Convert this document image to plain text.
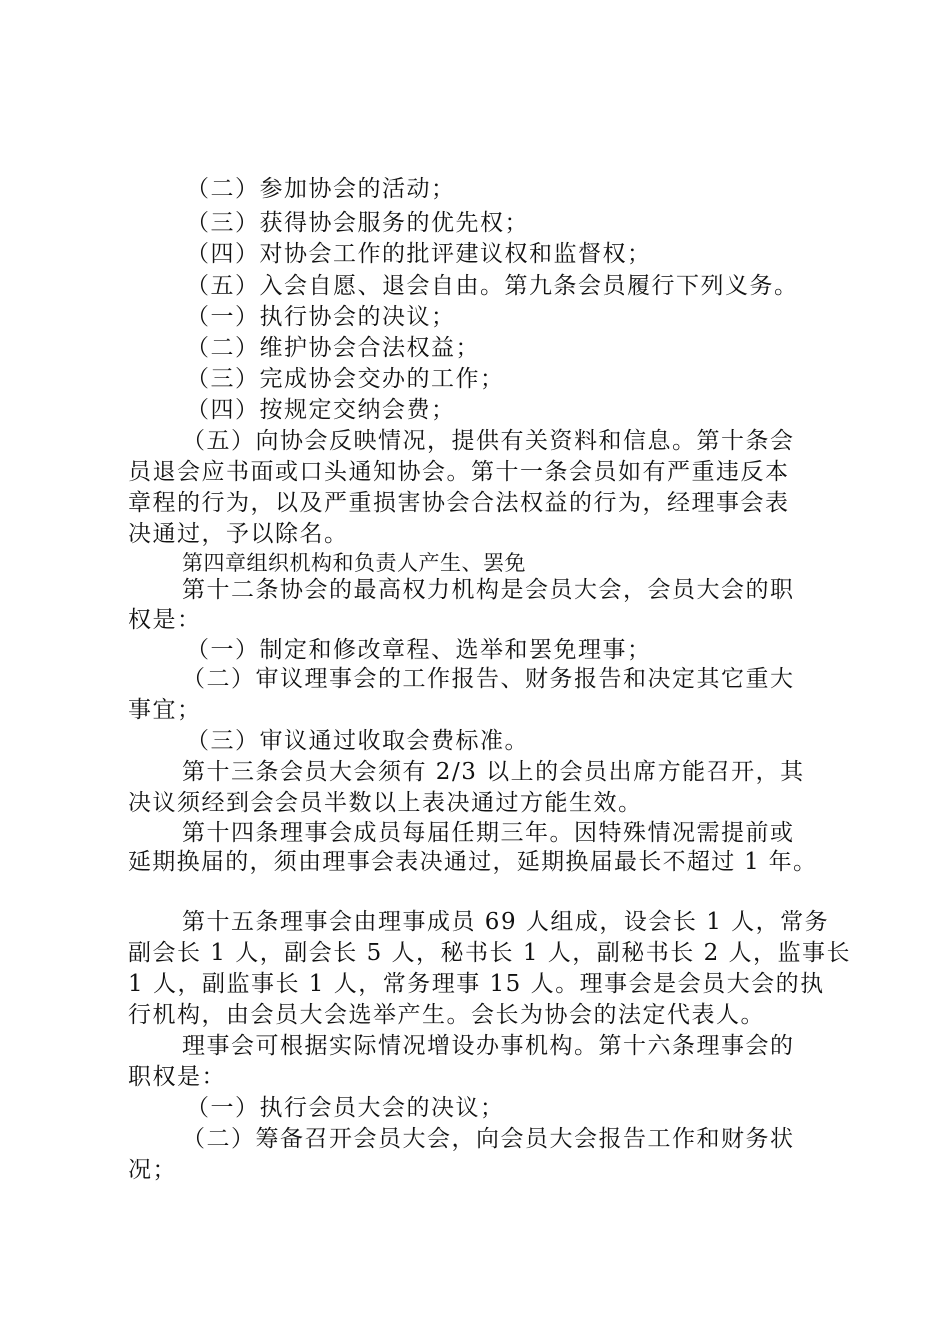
（二）参加协会的活动；
（三）获得协会服务的优先权；
（四）对协会工作的批评建议权和监督权；
（五）入会自愿、退会自由。第九条会员履行下列义务。
（一）执行协会的决议；
（二）维护协会合法权益；
（三）完成协会交办的工作；
（四）按规定交纳会费；
（五）向协会反映情况，提供有关资料和信息。第十条会
员退会应书面或口头通知协会。第十一条会员如有严重违反本
章程的行为，以及严重损害协会合法权益的行为，经理事会表
决通过，予以除名。
第四章组织机构和负责人产生、罢免
第十二条协会的最高权力机构是会员大会，会员大会的职
权是：
（一）制定和修改章程、选举和罢免理事；
（二）审议理事会的工作报告、财务报告和决定其它重大
事宜；
（三）审议通过收取会费标准。
第十三条会员大会须有 2/3 以上的会员出席方能召开，其
决议须经到会会员半数以上表决通过方能生效。
第十四条理事会成员每届任期三年。因特殊情况需提前或
延期换届的，须由理事会表决通过，延期换届最长不超过 1 年。
第十五条理事会由理事成员 69 人组成，设会长 1 人，常务
副会长 1 人，副会长 5 人，秘书长 1 人，副秘书长 2 人，监事长
1 人，副监事长 1 人，常务理事 15 人。理事会是会员大会的执
行机构，由会员大会选举产生。会长为协会的法定代表人。
理事会可根据实际情况增设办事机构。第十六条理事会的
职权是：
（一）执行会员大会的决议；
（二）筹备召开会员大会，向会员大会报告工作和财务状
况；
